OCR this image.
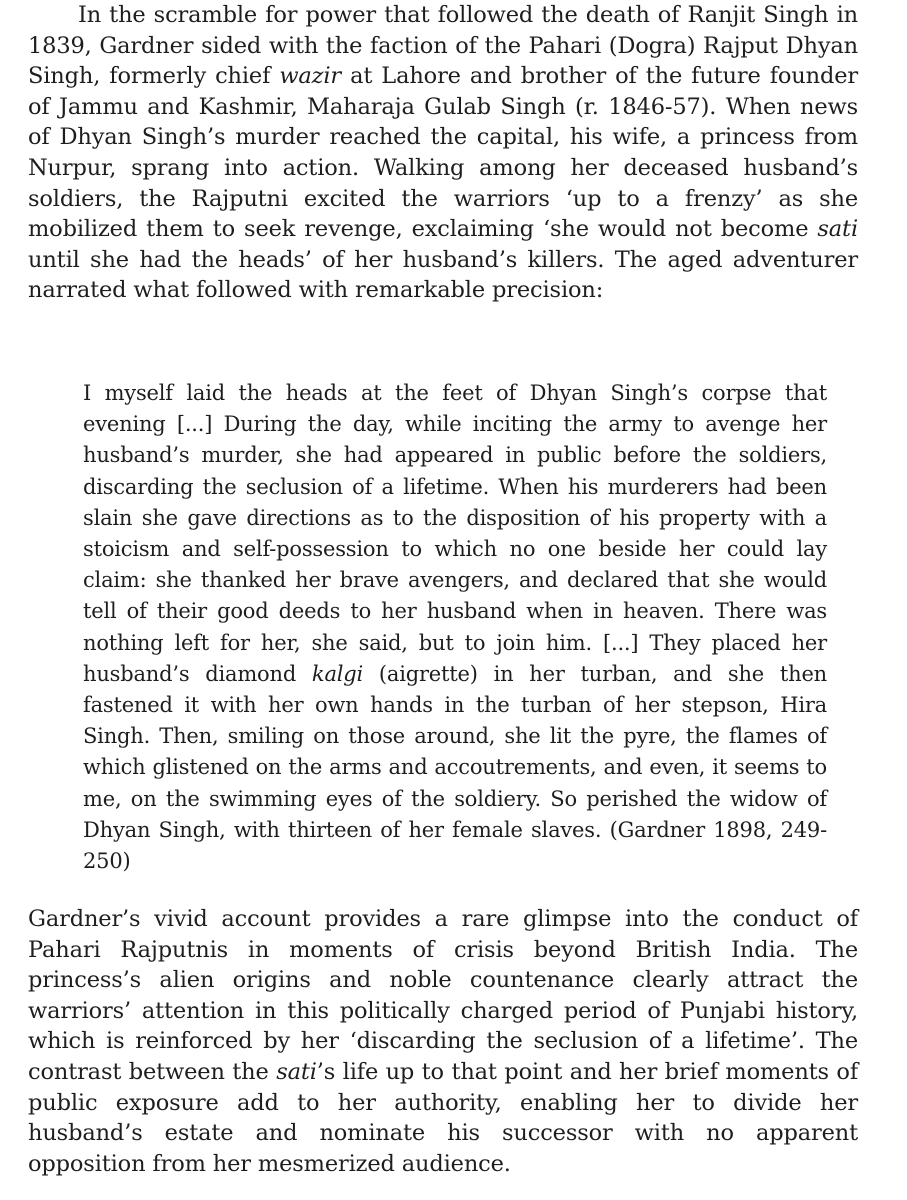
In the scramble for power that followed the death of Ranjit Singh in 1839, Gardner sided with the faction of the Pahari (Dogra) Rajput Dhyan Singh, formerly chief wazir at Lahore and brother of the future founder of Jammu and Kashmir, Maharaja Gulab Singh (r. 1846-57). When news of Dhyan Singh’s murder reached the capital, his wife, a princess from Nurpur, sprang into action. Walking among her deceased husband’s soldiers, the Rajputni excited the warriors ‘up to a frenzy’ as she mobilized them to seek revenge, exclaiming ‘she would not become sati until she had the heads’ of her husband’s killers. The aged adventurer narrated what followed with remarkable precision:

I myself laid the heads at the feet of Dhyan Singh’s corpse that evening [...] During the day, while inciting the army to avenge her husband’s murder, she had appeared in public before the soldiers, discarding the seclusion of a lifetime. When his murderers had been slain she gave directions as to the disposition of his property with a stoicism and self-possession to which no one beside her could lay claim: she thanked her brave avengers, and declared that she would tell of their good deeds to her husband when in heaven. There was nothing left for her, she said, but to join him. [...] They placed her husband’s diamond kalgi (aigrette) in her turban, and she then fastened it with her own hands in the turban of her stepson, Hira Singh. Then, smiling on those around, she lit the pyre, the flames of which glistened on the arms and accoutrements, and even, it seems to me, on the swimming eyes of the soldiery. So perished the widow of Dhyan Singh, with thirteen of her female slaves. (Gardner 1898, 249-250)

Gardner’s vivid account provides a rare glimpse into the conduct of Pahari Rajputnis in moments of crisis beyond British India. The princess’s alien origins and noble countenance clearly attract the warriors’ attention in this politically charged period of Punjabi history, which is reinforced by her ‘discarding the seclusion of a lifetime’. The contrast between the sati’s life up to that point and her brief moments of public exposure add to her authority, enabling her to divide her husband’s estate and nominate his successor with no apparent opposition from her mesmerized audience.
